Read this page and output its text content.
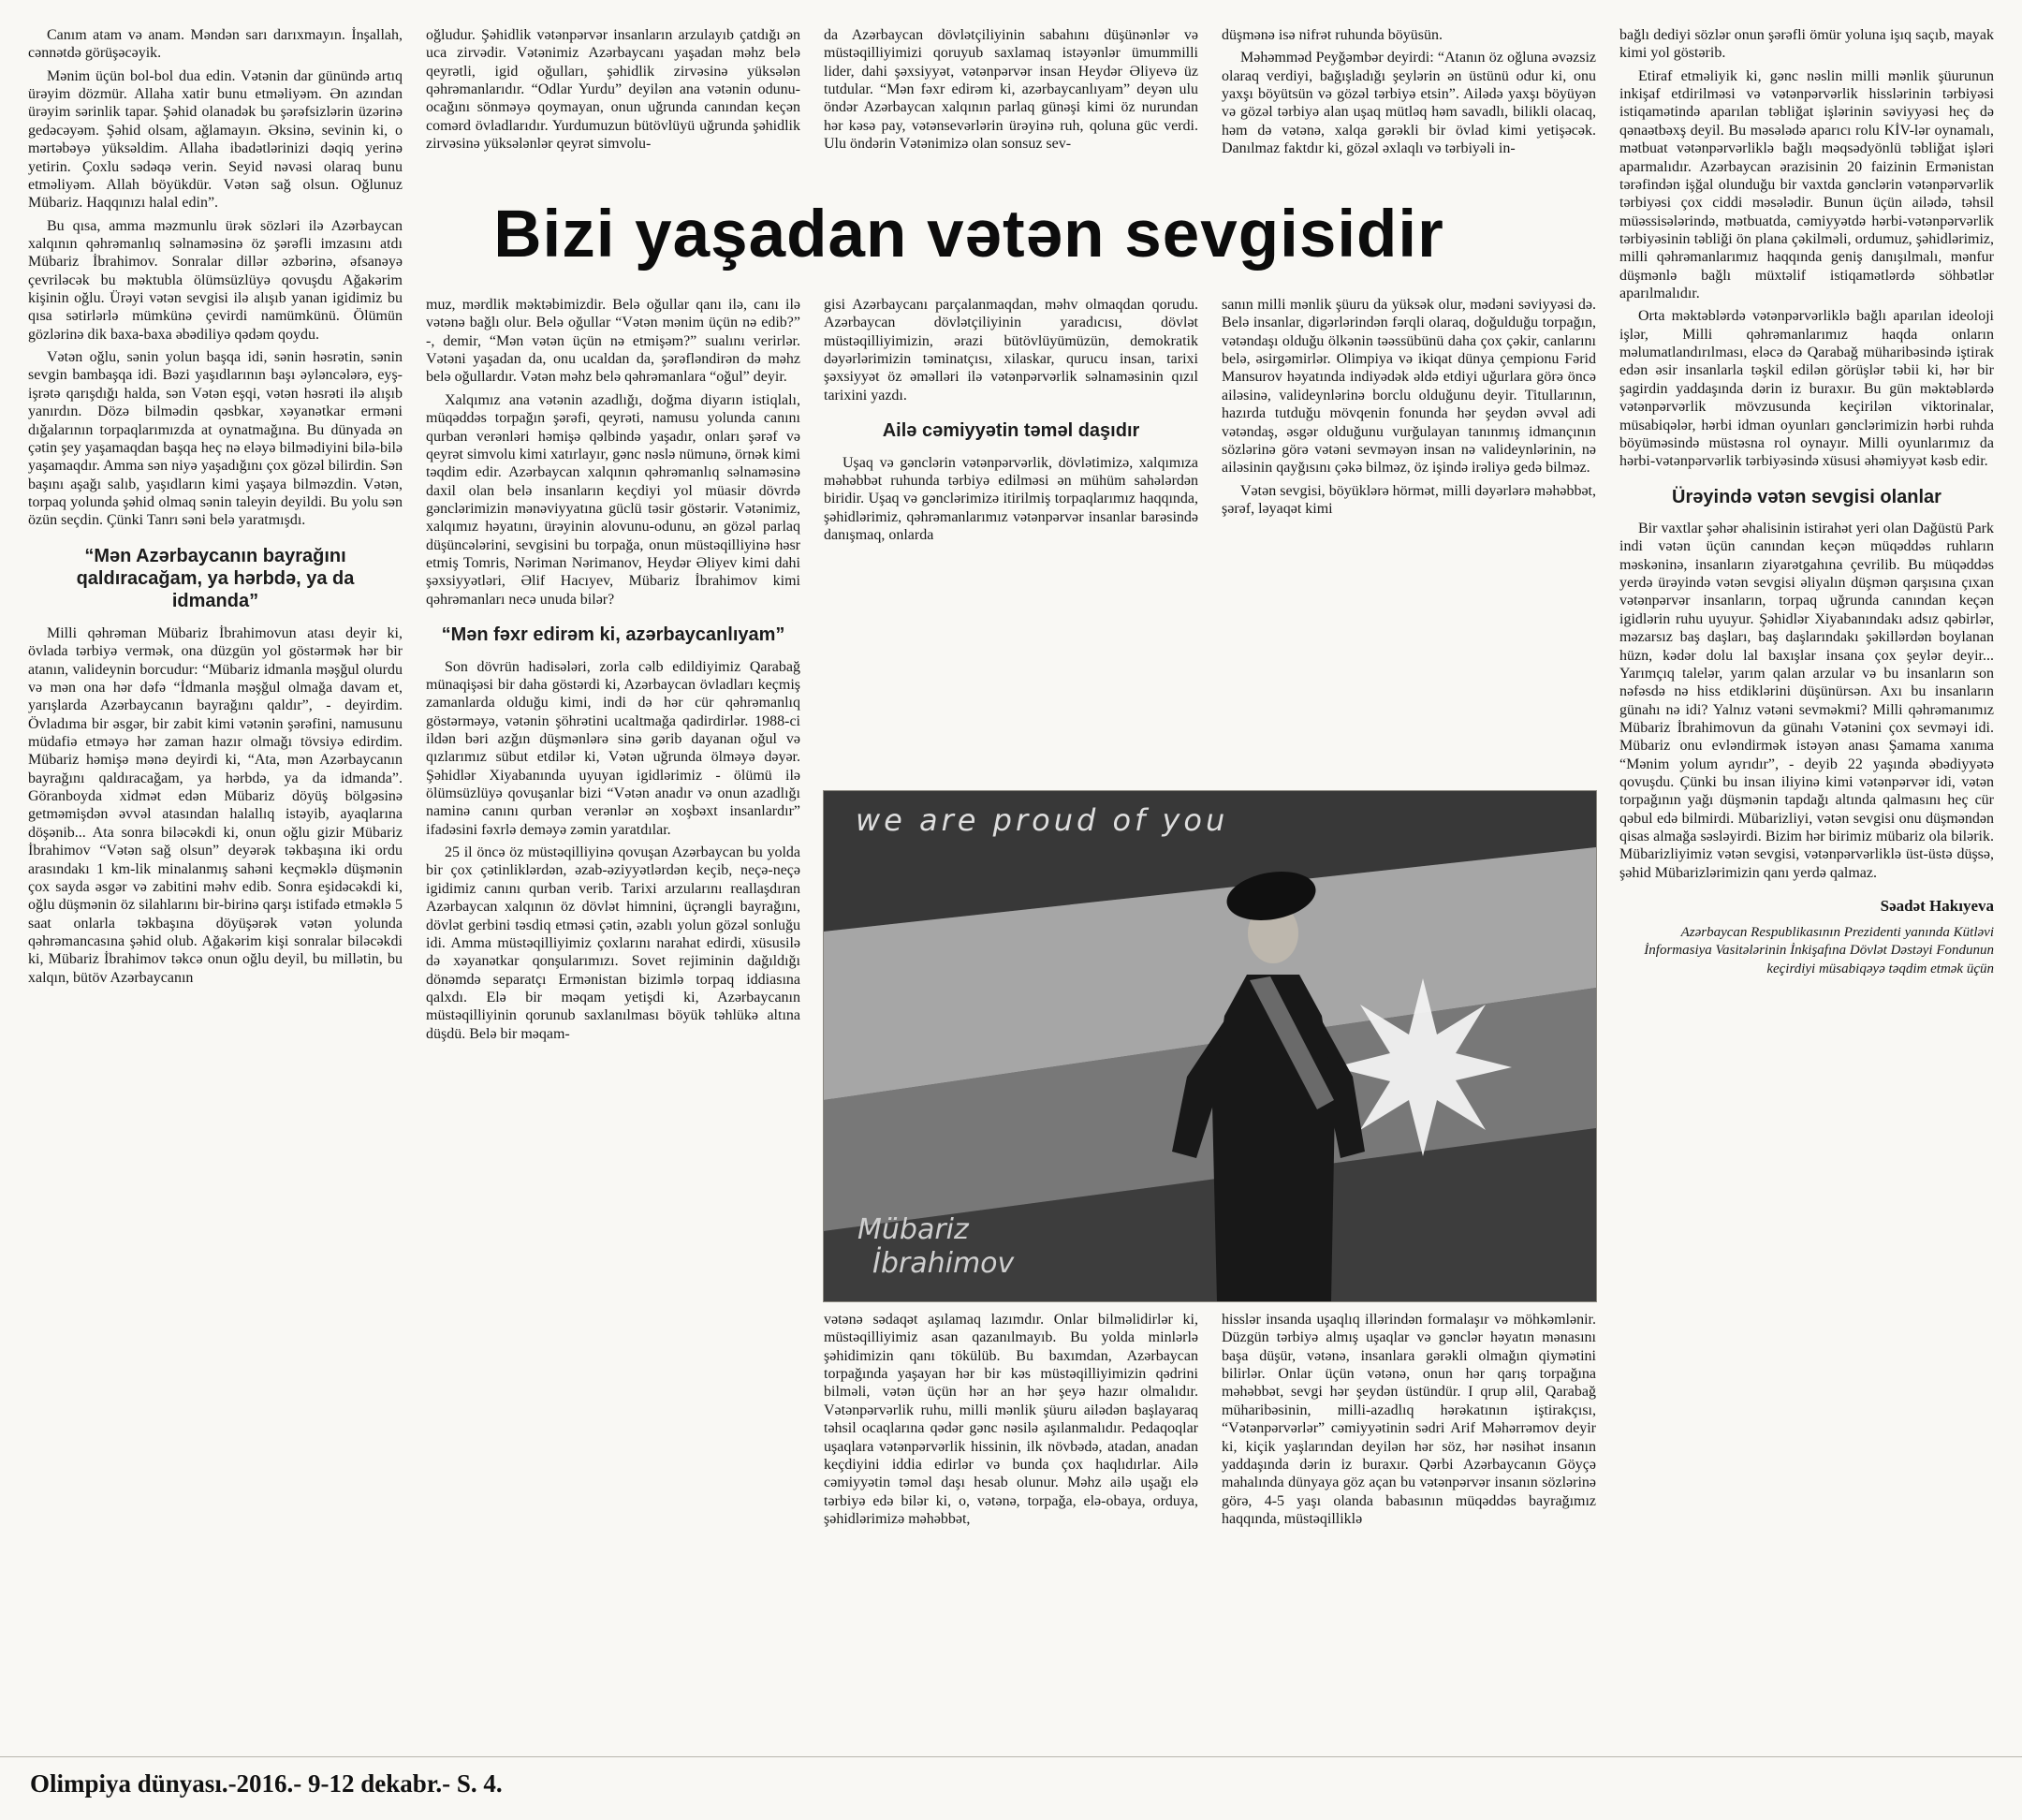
Bizi yaşadan vətən sevgisidir

Canım atam və anam. Məndən sarı darıxmayın. İnşallah, cənnətdə görüşəcəyik.

Mənim üçün bol-bol dua edin. Vətənin dar günündə artıq ürəyim dözmür. Allaha xatir bunu etməliyəm. Ən azından ürəyim sərinlik tapar. Şəhid olanadək bu şərəfsizlərin üzərinə gedəcəyəm. Şəhid olsam, ağlamayın. Əksinə, sevinin ki, o mərtəbəyə yüksəldim. Allaha ibadətlərinizi dəqiq yerinə yetirin. Çoxlu sədəqə verin. Seyid nəvəsi olaraq bunu etməliyəm. Allah böyükdür. Vətən sağ olsun. Oğlunuz Mübariz. Haqqınızı halal edin”.

Bu qısa, amma məzmunlu ürək sözləri ilə Azərbaycan xalqının qəhrəmanlıq səlnaməsinə öz şərəfli imzasını atdı Mübariz İbrahimov. Sonralar dillər əzbərinə, əfsanəyə çevriləcək bu məktubla ölümsüzlüyə qovuşdu Ağakərim kişinin oğlu. Ürəyi vətən sevgisi ilə alışıb yanan igidimiz bu qısa sətirlərlə mümkünə çevirdi namümkünü. Ölümün gözlərinə dik baxa-baxa əbədiliyə qədəm qoydu.

Vətən oğlu, sənin yolun başqa idi, sənin həsrətin, sənin sevgin bambaşqa idi. Bəzi yaşıdlarının başı əyləncələrə, eyş-işrətə qarışdığı halda, sən Vətən eşqi, vətən həsrəti ilə alışıb yanırdın. Dözə bilmədin qəsbkar, xəyanətkar erməni dığalarının torpaqlarımızda at oynatmağına. Bu dünyada ən çətin şey yaşamaqdan başqa heç nə eləyə bilmədiyini bilə-bilə yaşamaqdır. Amma sən niyə yaşadığını çox gözəl bilirdin. Sən başını aşağı salıb, yaşıdların kimi yaşaya bilməzdin. Vətən, torpaq yolunda şəhid olmaq sənin taleyin deyildi. Bu yolu sən özün seçdin. Çünki Tanrı səni belə yaratmışdı.

“Mən Azərbaycanın bayrağını qaldıracağam, ya hərbdə, ya da idmanda”

Milli qəhrəman Mübariz İbrahimovun atası deyir ki, övlada tərbiyə vermək, ona düzgün yol göstərmək hər bir atanın, valideynin borcudur: “Mübariz idmanla məşğul olurdu və mən ona hər dəfə “İdmanla məşğul olmağa davam et, yarışlarda Azərbaycanın bayrağını qaldır”, - deyirdim. Övladıma bir əsgər, bir zabit kimi vətənin şərəfini, namusunu müdafiə etməyə hər zaman hazır olmağı tövsiyə edirdim. Mübariz həmişə mənə deyirdi ki, “Ata, mən Azərbaycanın bayrağını qaldıracağam, ya hərbdə, ya da idmanda”. Göranboyda xidmət edən Mübariz döyüş bölgəsinə getməmişdən əvvəl atasından halallıq istəyib, ayaqlarına döşənib... Ata sonra biləcəkdi ki, onun oğlu gizir Mübariz İbrahimov “Vətən sağ olsun” deyərək təkbaşına iki ordu arasındakı 1 km-lik minalanmış sahəni keçməklə düşmənin çox sayda əsgər və zabitini məhv edib. Sonra eşidəcəkdi ki, oğlu düşmənin öz silahlarını bir-birinə qarşı istifadə etməklə 5 saat onlarla təkbaşına döyüşərək vətən yolunda qəhrəmancasına şəhid olub. Ağakərim kişi sonralar biləcəkdi ki, Mübariz İbrahimov təkcə onun oğlu deyil, bu millətin, bu xalqın, bütöv Azərbaycanın

oğludur. Şəhidlik vətənpərvər insanların arzulayıb çatdığı ən uca zirvədir. Vətənimiz Azərbaycanı yaşadan məhz belə qeyrətli, igid oğulları, şəhidlik zirvəsinə yüksələn qəhrəmanlarıdır. “Odlar Yurdu” deyilən ana vətənin odunu-ocağını sönməyə qoymayan, onun uğrunda canından keçən comərd övladlarıdır. Yurdumuzun bütövlüyü uğrunda şəhidlik zirvəsinə yüksələnlər qeyrət simvolu-

muz, mərdlik məktəbimizdir. Belə oğullar qanı ilə, canı ilə vətənə bağlı olur. Belə oğullar “Vətən mənim üçün nə edib?” -, demir, “Mən vətən üçün nə etmişəm?” sualını verirlər. Vətəni yaşadan da, onu ucaldan da, şərəfləndirən də məhz belə oğullardır. Vətən məhz belə qəhrəmanlara “oğul” deyir.

Xalqımız ana vətənin azadlığı, doğma diyarın istiqlalı, müqəddəs torpağın şərəfi, qeyrəti, namusu yolunda canını qurban verənləri həmişə qəlbində yaşadır, onları şərəf və qeyrət simvolu kimi xatırlayır, gənc nəslə nümunə, örnək kimi təqdim edir. Azərbaycan xalqının qəhrəmanlıq səlnaməsinə daxil olan belə insanların keçdiyi yol müasir dövrdə gənclərimizin mənəviyyatına güclü təsir göstərir. Vətənimiz, xalqımız həyatını, ürəyinin alovunu-odunu, ən gözəl parlaq düşüncələrini, sevgisini bu torpağa, onun müstəqilliyinə həsr etmiş Tomris, Nəriman Nərimanov, Heydər Əliyev kimi dahi şəxsiyyətləri, Əlif Hacıyev, Mübariz İbrahimov kimi qəhrəmanları necə unuda bilər?

“Mən fəxr edirəm ki, azərbaycanlıyam”

Son dövrün hadisələri, zorla cəlb edildiyimiz Qarabağ münaqişəsi bir daha göstərdi ki, Azərbaycan övladları keçmiş zamanlarda olduğu kimi, indi də hər cür qəhrəmanlıq göstərməyə, vətənin şöhrətini ucaltmağa qadirdirlər. 1988-ci ildən bəri azğın düşmənlərə sinə gərib dayanan oğul və qızlarımız sübut etdilər ki, Vətən uğrunda ölməyə dəyər. Şəhidlər Xiyabanında uyuyan igidlərimiz - ölümü ilə ölümsüzlüyə qovuşanlar bizi “Vətən anadır və onun azadlığı naminə canını qurban verənlər ən xoşbəxt insanlardır” ifadəsini fəxrlə deməyə zəmin yaratdılar.

25 il öncə öz müstəqilliyinə qovuşan Azərbaycan bu yolda bir çox çətinliklərdən, əzab-əziyyətlərdən keçib, neçə-neçə igidimiz canını qurban verib. Tarixi arzularını reallaşdıran Azərbaycan xalqının öz dövlət himnini, üçrəngli bayrağını, dövlət gerbini təsdiq etməsi çətin, əzablı yolun gözəl sonluğu idi. Amma müstəqilliyimiz çoxlarını narahat edirdi, xüsusilə də xəyanətkar qonşularımızı. Sovet rejiminin dağıldığı dönəmdə separatçı Ermənistan bizimlə torpaq iddiasına qalxdı. Elə bir məqam yetişdi ki, Azərbaycanın müstəqilliyinin qorunub saxlanılması böyük təhlükə altına düşdü. Belə bir məqam-

da Azərbaycan dövlətçiliyinin sabahını düşünənlər və müstəqilliyimizi qoruyub saxlamaq istəyənlər ümummilli lider, dahi şəxsiyyət, vətənpərvər insan Heydər Əliyevə üz tutdular. “Mən fəxr edirəm ki, azərbaycanlıyam” deyən ulu öndər Azərbaycan xalqının parlaq günəşi kimi öz nurundan hər kəsə pay, vətənsevərlərin ürəyinə ruh, qoluna güc verdi. Ulu öndərin Vətənimizə olan sonsuz sev-

gisi Azərbaycanı parçalanmaqdan, məhv olmaqdan qorudu. Azərbaycan dövlətçiliyinin yaradıcısı, dövlət müstəqilliyimizin, ərazi bütövlüyümüzün, demokratik dəyərlərimizin təminatçısı, xilaskar, qurucu insan, tarixi şəxsiyyət öz əməlləri ilə vətənpərvərlik səlnaməsinin qızıl tarixini yazdı.

Ailə cəmiyyətin təməl daşıdır

Uşaq və gənclərin vətənpərvərlik, dövlətimizə, xalqımıza məhəbbət ruhunda tərbiyə edilməsi ən mühüm sahələrdən biridir. Uşaq və gənclərimizə itirilmiş torpaqlarımız haqqında, şəhidlərimiz, qəhrəmanlarımız vətənpərvər insanlar barəsində danışmaq, onlarda

vətənə sədaqət aşılamaq lazımdır. Onlar bilməlidirlər ki, müstəqilliyimiz asan qazanılmayıb. Bu yolda minlərlə şəhidimizin qanı tökülüb. Bu baxımdan, Azərbaycan torpağında yaşayan hər bir kəs müstəqilliyimizin qədrini bilməli, vətən üçün hər an hər şeyə hazır olmalıdır. Vətənpərvərlik ruhu, milli mənlik şüuru ailədən başlayaraq təhsil ocaqlarına qədər gənc nəsilə aşılanmalıdır. Pedaqoqlar uşaqlara vətənpərvərlik hissinin, ilk növbədə, atadan, anadan keçdiyini iddia edirlər və bunda çox haqlıdırlar. Ailə cəmiyyətin təməl daşı hesab olunur. Məhz ailə uşağı elə tərbiyə edə bilər ki, o, vətənə, torpağa, elə-obaya, orduya, şəhidlərimizə məhəbbət,

düşmənə isə nifrət ruhunda böyüsün.

Məhəmməd Peyğəmbər deyirdi: “Atanın öz oğluna əvəzsiz olaraq verdiyi, bağışladığı şeylərin ən üstünü odur ki, onu yaxşı böyütsün və gözəl tərbiyə etsin”. Ailədə yaxşı böyüyən və gözəl tərbiyə alan uşaq mütləq həm savadlı, bilikli olacaq, həm də vətənə, xalqa gərəkli bir övlad kimi yetişəcək. Danılmaz faktdır ki, gözəl əxlaqlı və tərbiyəli in-

sanın milli mənlik şüuru da yüksək olur, mədəni səviyyəsi də. Belə insanlar, digərlərindən fərqli olaraq, doğulduğu torpağın, vətəndaşı olduğu ölkənin təəssübünü daha çox çəkir, canlarını belə, əsirgəmirlər. Olimpiya və ikiqat dünya çempionu Fərid Mansurov həyatında indiyədək əldə etdiyi uğurlara görə öncə ailəsinə, valideynlərinə borclu olduğunu deyir. Titullarının, hazırda tutduğu mövqenin fonunda hər şeydən əvvəl adi vətəndaş, əsgər olduğunu vurğulayan tanınmış idmançının sözlərinə görə vətəni sevməyən insan nə valideynlərinin, nə ailəsinin qayğısını çəkə bilməz, öz işində irəliyə gedə bilməz.

Vətən sevgisi, böyüklərə hörmət, milli dəyərlərə məhəbbət, şərəf, ləyaqət kimi

hisslər insanda uşaqlıq illərindən formalaşır və möhkəmlənir. Düzgün tərbiyə almış uşaqlar və gənclər həyatın mənasını başa düşür, vətənə, insanlara gərəkli olmağın qiymətini bilirlər. Onlar üçün vətənə, onun hər qarış torpağına məhəbbət, sevgi hər şeydən üstündür. I qrup əlil, Qarabağ müharibəsinin, milli-azadlıq hərəkatının iştirakçısı, “Vətənpərvərlər” cəmiyyətinin sədri Arif Məhərrəmov deyir ki, kiçik yaşlarından deyilən hər söz, hər nəsihət insanın yaddaşında dərin iz buraxır. Qərbi Azərbaycanın Göyçə mahalında dünyaya göz açan bu vətənpərvər insanın sözlərinə görə, 4-5 yaşı olanda babasının müqəddəs bayrağımız haqqında, müstəqilliklə

bağlı dediyi sözlər onun şərəfli ömür yoluna işıq saçıb, mayak kimi yol göstərib.

Etiraf etməliyik ki, gənc nəslin milli mənlik şüurunun inkişaf etdirilməsi və vətənpərvərlik hisslərinin tərbiyəsi istiqamətində aparılan təbliğat işlərinin səviyyəsi heç də qənaətbəxş deyil. Bu məsələdə aparıcı rolu KİV-lər oynamalı, mətbuat vətənpərvərliklə bağlı məqsədyönlü təbliğat işləri aparmalıdır. Azərbaycan ərazisinin 20 faizinin Ermənistan tərəfindən işğal olunduğu bir vaxtda gənclərin vətənpərvərlik tərbiyəsi çox ciddi məsələdir. Bunun üçün ailədə, təhsil müəssisələrində, mətbuatda, cəmiyyətdə hərbi-vətənpərvərlik tərbiyəsinin təbliği ön plana çəkilməli, ordumuz, şəhidlərimiz, milli qəhrəmanlarımız haqqında geniş danışılmalı, mənfur düşmənlə bağlı müxtəlif istiqamətlərdə söhbətlər aparılmalıdır.

Orta məktəblərdə vətənpərvərliklə bağlı aparılan ideoloji işlər, Milli qəhrəmanlarımız haqda onların məlumatlandırılması, eləcə də Qarabağ müharibəsində iştirak edən əsir insanlarla təşkil edilən görüşlər təbii ki, hər bir şagirdin yaddaşında dərin iz buraxır. Bu gün məktəblərdə vətənpərvərlik mövzusunda keçirilən viktorinalar, müsabiqələr, hərbi idman oyunları gənclərimizin hərbi ruhda böyüməsində müstəsna rol oynayır. Milli oyunlarımız da hərbi-vətənpərvərlik tərbiyəsində xüsusi əhəmiyyət kəsb edir.

Ürəyində vətən sevgisi olanlar

Bir vaxtlar şəhər əhalisinin istirahət yeri olan Dağüstü Park indi vətən üçün canından keçən müqəddəs ruhların məskəninə, insanların ziyarətgahına çevrilib. Bu müqəddəs yerdə ürəyində vətən sevgisi əliyalın düşmən qarşısına çıxan vətənpərvər insanların, torpaq uğrunda canından keçən igidlərin ruhu uyuyur. Şəhidlər Xiyabanındakı adsız qəbirlər, məzarsız baş daşları, baş daşlarındakı şəkillərdən boylanan hüzn, kədər dolu lal baxışlar insana çox şeylər deyir... Yarımçıq talelər, yarım qalan arzular və bu insanların son nəfəsdə nə hiss etdiklərini düşünürsən. Axı bu insanların günahı nə idi? Yalnız vətəni sevməkmi? Milli qəhrəmanımız Mübariz İbrahimovun da günahı Vətənini çox sevməyi idi. Mübariz onu evləndirmək istəyən anası Şamama xanıma “Mənim yolum ayrıdır”, - deyib 22 yaşında əbədiyyətə qovuşdu. Çünki bu insan iliyinə kimi vətənpərvər idi, vətən torpağının yağı düşmənin tapdağı altında qalmasını heç cür qəbul edə bilmirdi. Mübarizliyi, vətən sevgisi onu düşməndən qisas almağa səsləyirdi. Bizim hər birimiz mübariz ola bilərik. Mübarizliyimiz vətən sevgisi, vətənpərvərliklə üst-üstə düşsə, şəhid Mübarizlərimizin qanı yerdə qalmaz.

Səadət Hakıyeva
Azərbaycan Respublikasının Prezidenti yanında Kütləvi İnformasiya Vasitələrinin İnkişafına Dövlət Dəstəyi Fondunun keçirdiyi müsabiqəyə təqdim etmək üçün
we are proud of you
Mübariz
İbrahimov
Olimpiya dünyası.-2016.- 9-12 dekabr.- S. 4.
